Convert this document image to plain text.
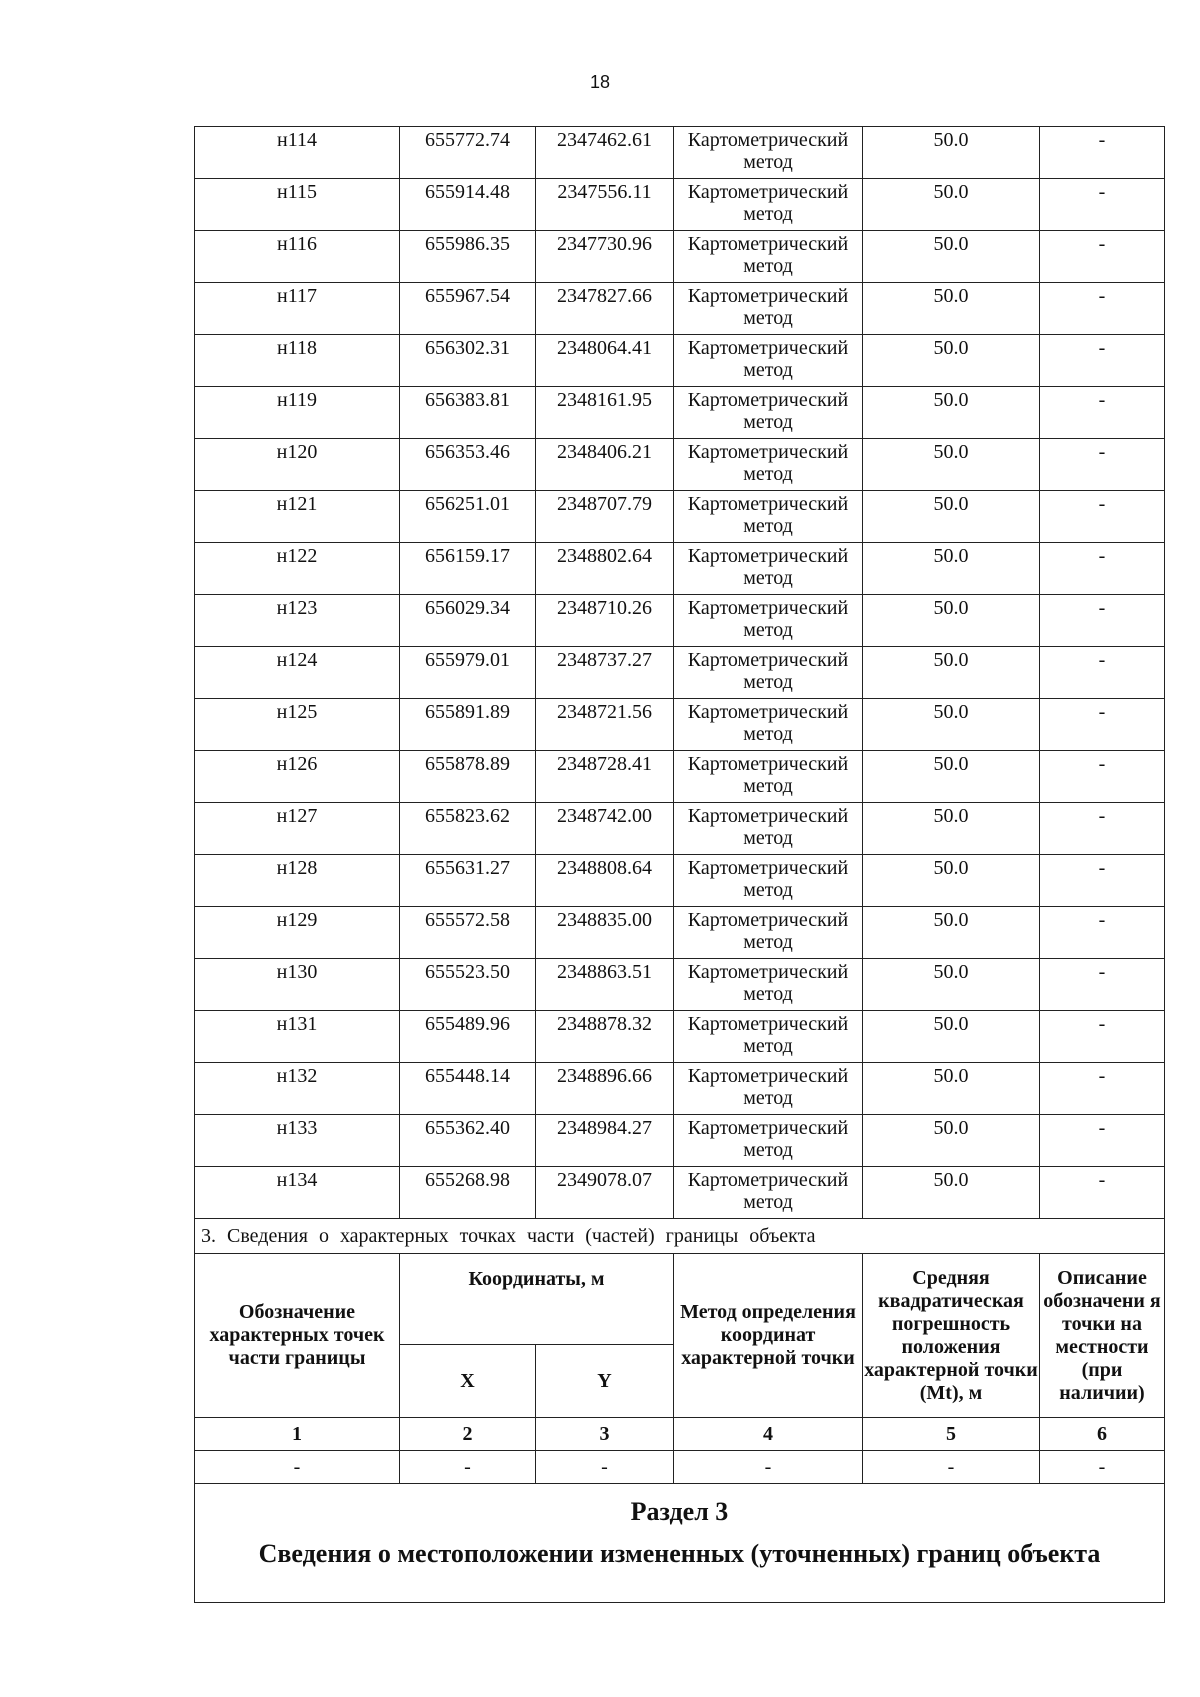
18
н114	655772.74	2347462.61	Картометрический метод	50.0	-
н115	655914.48	2347556.11	Картометрический метод	50.0	-
н116	655986.35	2347730.96	Картометрический метод	50.0	-
н117	655967.54	2347827.66	Картометрический метод	50.0	-
н118	656302.31	2348064.41	Картометрический метод	50.0	-
н119	656383.81	2348161.95	Картометрический метод	50.0	-
н120	656353.46	2348406.21	Картометрический метод	50.0	-
н121	656251.01	2348707.79	Картометрический метод	50.0	-
н122	656159.17	2348802.64	Картометрический метод	50.0	-
н123	656029.34	2348710.26	Картометрический метод	50.0	-
н124	655979.01	2348737.27	Картометрический метод	50.0	-
н125	655891.89	2348721.56	Картометрический метод	50.0	-
н126	655878.89	2348728.41	Картометрический метод	50.0	-
н127	655823.62	2348742.00	Картометрический метод	50.0	-
н128	655631.27	2348808.64	Картометрический метод	50.0	-
н129	655572.58	2348835.00	Картометрический метод	50.0	-
н130	655523.50	2348863.51	Картометрический метод	50.0	-
н131	655489.96	2348878.32	Картометрический метод	50.0	-
н132	655448.14	2348896.66	Картометрический метод	50.0	-
н133	655362.40	2348984.27	Картометрический метод	50.0	-
н134	655268.98	2349078.07	Картометрический метод	50.0	-
3. Сведения о характерных точках части (частей) границы объекта					
Обозначение характерных точек части границы	Координаты, м		Метод определения координат характерной точки	Средняя квадратическая погрешность положения характерной точки (Mt), м	Описание обозначени я точки на местности (при наличии)
	X	Y			
1	2	3	4	5	6
-	-	-	-	-	-
Раздел 3					
Сведения о местоположении измененных (уточненных) границ объекта					
